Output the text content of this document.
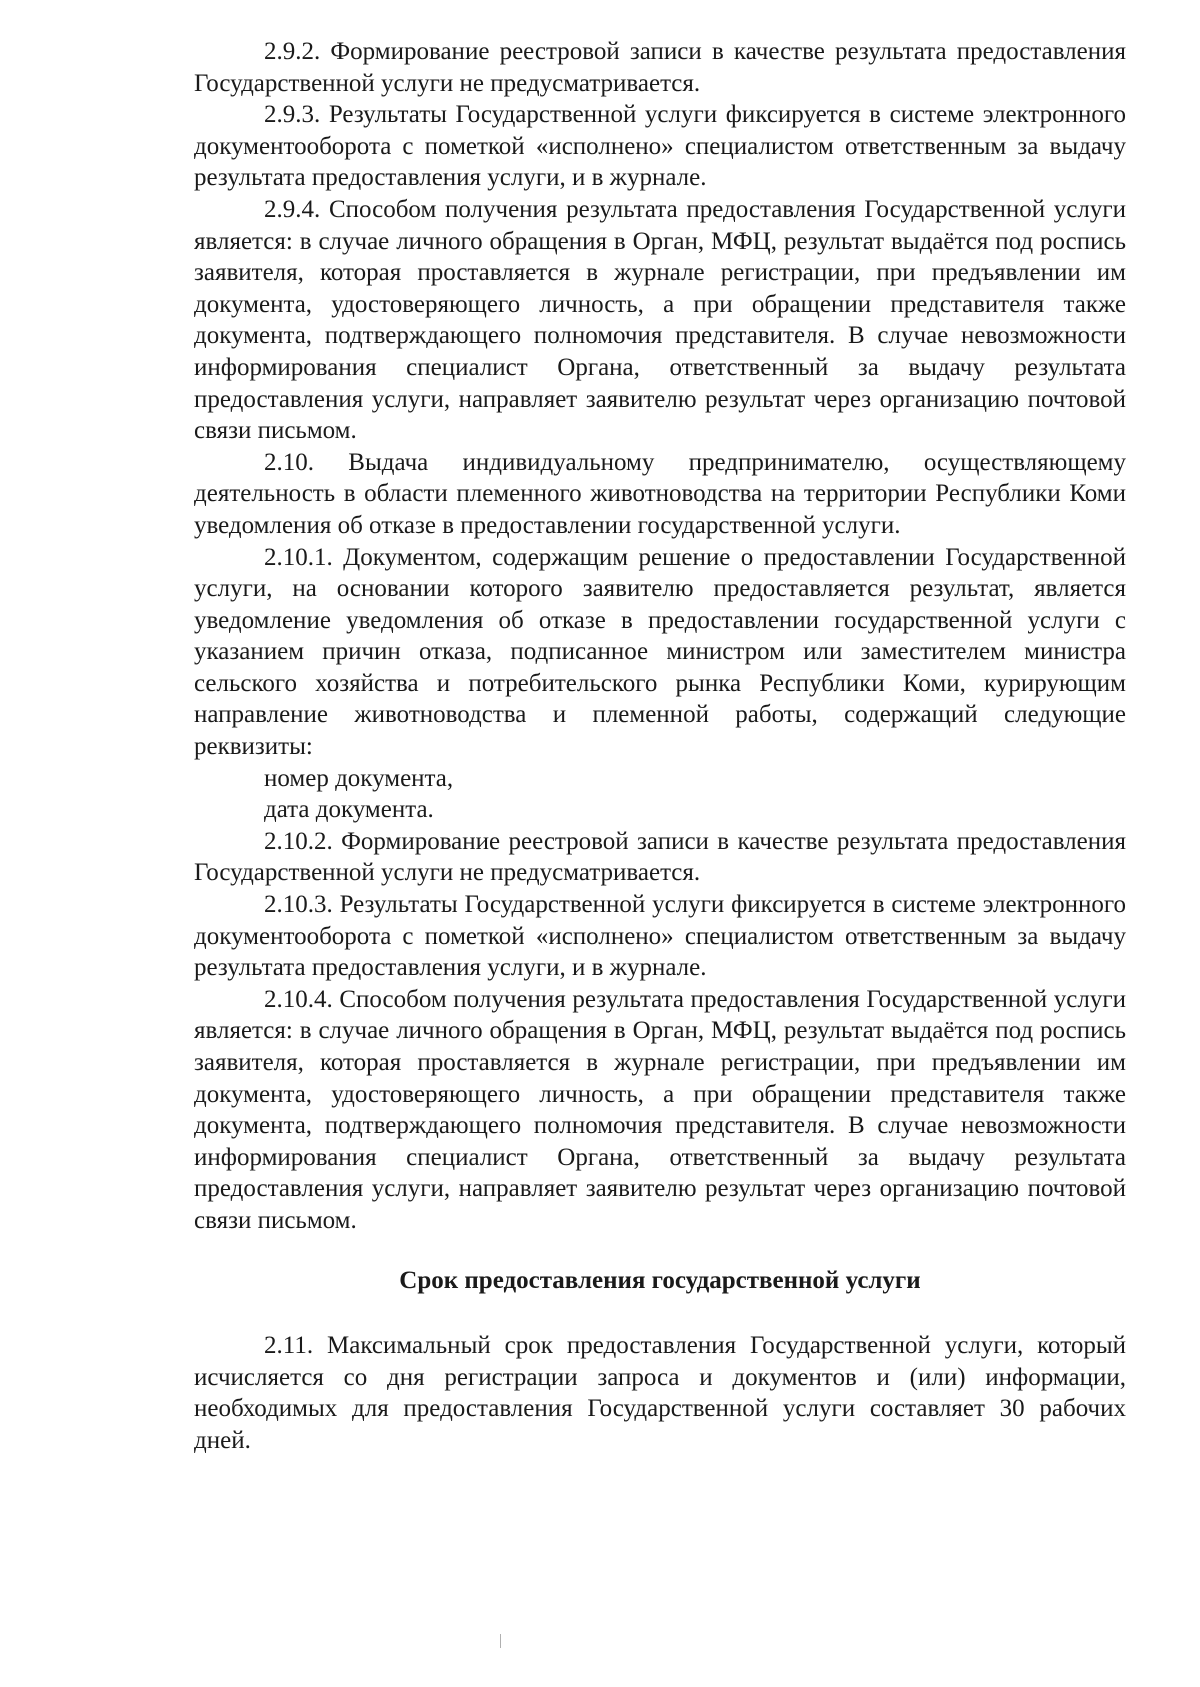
2.9.2. Формирование реестровой записи в качестве результата предоставления Государственной услуги не предусматривается.

2.9.3. Результаты Государственной услуги фиксируется в системе электронного документооборота с пометкой «исполнено» специалистом ответственным за выдачу результата предоставления услуги, и в журнале.

2.9.4. Способом получения результата предоставления Государственной услуги является: в случае личного обращения в Орган, МФЦ, результат выдаётся под роспись заявителя, которая проставляется в журнале регистрации, при предъявлении им документа, удостоверяющего личность, а при обращении представителя также документа, подтверждающего полномочия представителя. В случае невозможности информирования специалист Органа, ответственный за выдачу результата предоставления услуги, направляет заявителю результат через организацию почтовой связи письмом.

2.10. Выдача индивидуальному предпринимателю, осуществляющему деятельность в области племенного животноводства на территории Республики Коми уведомления об отказе в предоставлении государственной услуги.

2.10.1. Документом, содержащим решение о предоставлении Государственной услуги, на основании которого заявителю предоставляется результат, является уведомление уведомления об отказе в предоставлении государственной услуги с указанием причин отказа, подписанное министром или заместителем министра сельского хозяйства и потребительского рынка Республики Коми, курирующим направление животноводства и племенной работы, содержащий следующие реквизиты:

номер документа,

дата документа.

2.10.2. Формирование реестровой записи в качестве результата предоставления Государственной услуги не предусматривается.

2.10.3. Результаты Государственной услуги фиксируется в системе электронного документооборота с пометкой «исполнено» специалистом ответственным за выдачу результата предоставления услуги, и в журнале.

2.10.4. Способом получения результата предоставления Государственной услуги является: в случае личного обращения в Орган, МФЦ, результат выдаётся под роспись заявителя, которая проставляется в журнале регистрации, при предъявлении им документа, удостоверяющего личность, а при обращении представителя также документа, подтверждающего полномочия представителя. В случае невозможности информирования специалист Органа, ответственный за выдачу результата предоставления услуги, направляет заявителю результат через организацию почтовой связи письмом.

Срок предоставления государственной услуги

2.11. Максимальный срок предоставления Государственной услуги, который исчисляется со дня регистрации запроса и документов и (или) информации, необходимых для предоставления Государственной услуги составляет 30 рабочих дней.
